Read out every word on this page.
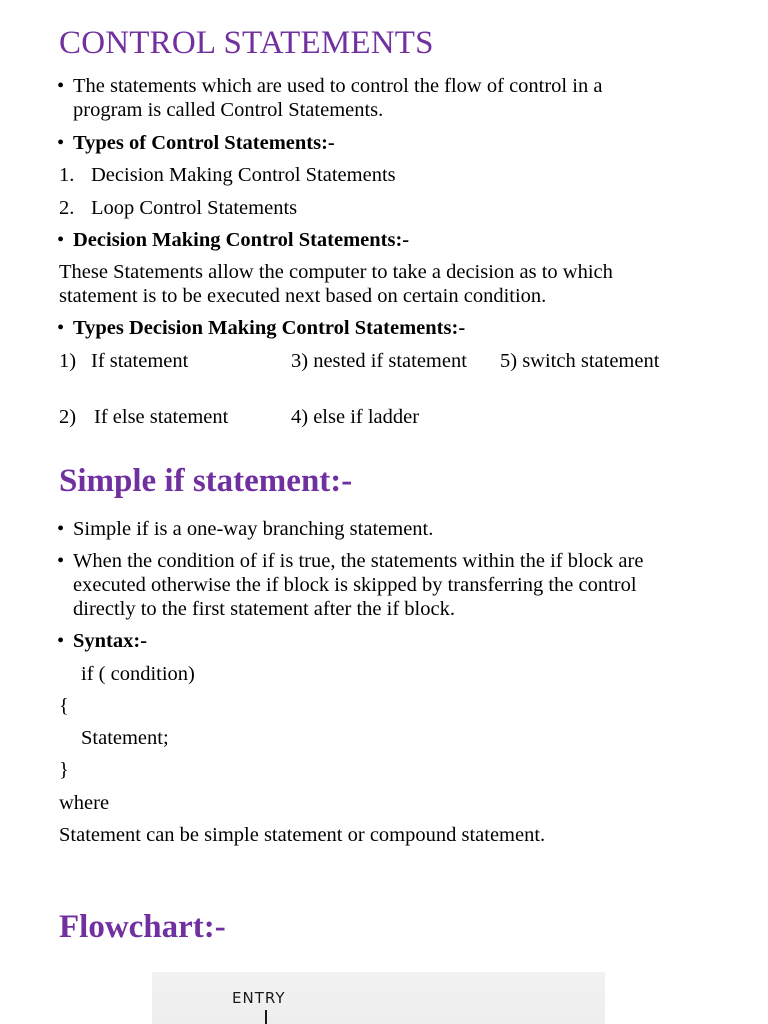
CONTROL STATEMENTS
• The statements which are used to control the flow of control in a
program is called Control Statements.
• Types of Control Statements:-
1. Decision Making Control Statements
2. Loop Control Statements
• Decision Making Control Statements:-
These Statements allow the computer to take a decision as to which
statement is to be executed next based on certain condition.
• Types Decision Making Control Statements:-
1) If statement	3) nested if statement 5) switch statement
2) If else statement	4) else if ladder
Simple if statement:-
• Simple if is a one-way branching statement.
• When the condition of if is true, the statements within the if block are
executed otherwise the if block is skipped by transferring the control
directly to the first statement after the if block.
• Syntax:-
if ( condition)
{
Statement;
}
where
Statement can be simple statement or compound statement.
Flowchart:-
ENTRY
